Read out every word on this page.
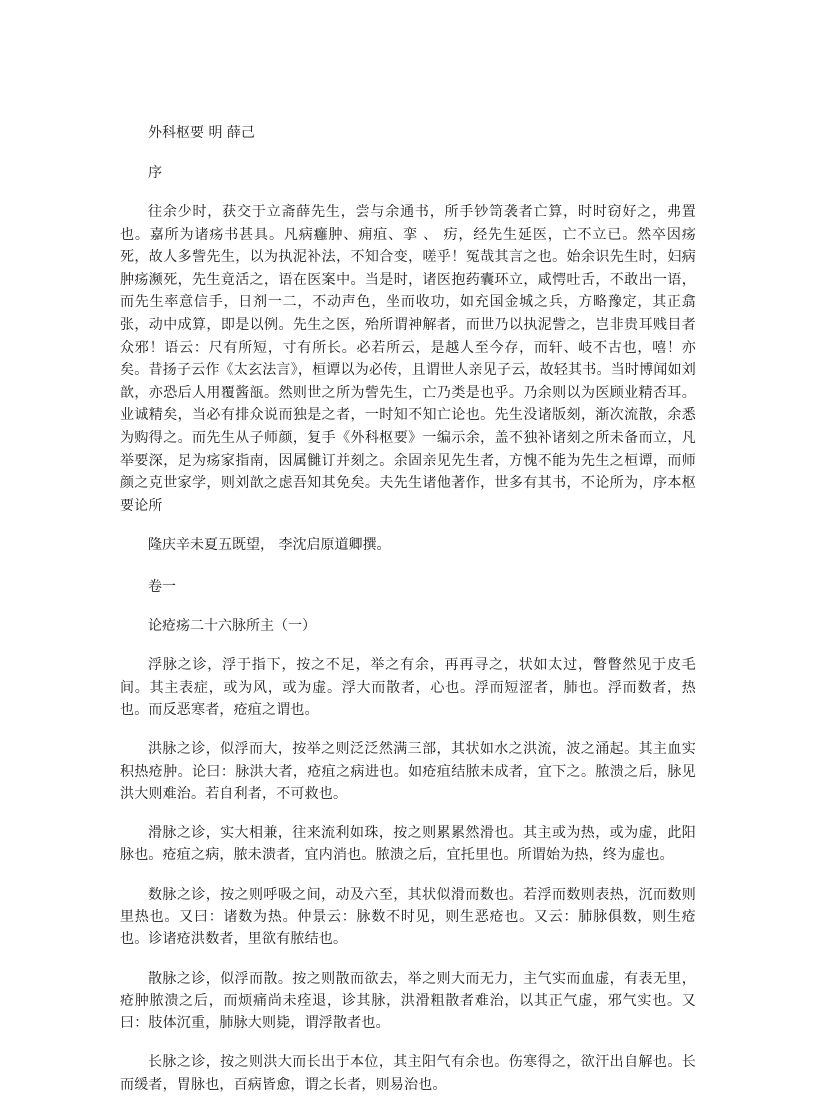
外科枢要 明 薛己

序

往余少时，获交于立斋薛先生，尝与余通书，所手钞笥袭者亡算，时时窃好之，弗置也。嘉所为诸疡书甚具。凡病癰肿、痈疽、挛 、 疠，经先生延医，亡不立已。然卒因疡死，故人多訾先生，以为执泥补法，不知合变，嗟乎！冤哉其言之也。始余识先生时，妇病肿疡濒死，先生竟活之，语在医案中。当是时，诸医抱药囊环立，咸愕吐舌，不敢出一语，而先生率意信手，日剂一二，不动声色，坐而收功，如充国金城之兵，方略豫定，其正翕张，动中成算，即是以例。先生之医，殆所谓神解者，而世乃以执泥訾之，岂非贵耳贱目者众邪！语云：尺有所短，寸有所长。必若所云，是越人至今存，而轩、岐不古也，嘻！亦 矣。昔扬子云作《太玄法言》，桓谭以为必传，且谓世人亲见子云，故轻其书。当时博闻如刘歆，亦恐后人用覆酱瓿。然则世之所为訾先生，亡乃类是也乎。乃余则以为医顾业精否耳。业诚精矣，当必有排众说而独是之者，一时知不知亡论也。先生没诸版刻，渐次流散，余悉为购得之。而先生从子师颜，复手《外科枢要》一编示余，盖不独补诸刻之所未备而立，凡举要深，足为疡家指南，因属雠订并刻之。余固亲见先生者，方愧不能为先生之桓谭，而师颜之克世家学，则刘歆之虑吾知其免矣。夫先生诸他著作，世多有其书，不论所为，序本枢要论所

隆庆辛未夏五既望， 李沈启原道卿撰。

卷一

论疮疡二十六脉所主（一）

浮脉之诊，浮于指下，按之不足，举之有余，再再寻之，状如太过，瞥瞥然见于皮毛间。其主表症，或为风，或为虚。浮大而散者，心也。浮而短涩者，肺也。浮而数者，热也。而反恶寒者，疮疽之谓也。

洪脉之诊，似浮而大，按举之则泛泛然满三部，其状如水之洪流，波之涌起。其主血实积热疮肿。论曰：脉洪大者，疮疽之病进也。如疮疽结脓未成者，宜下之。脓溃之后，脉见洪大则难治。若自利者，不可救也。

滑脉之诊，实大相兼，往来流利如珠，按之则累累然滑也。其主或为热，或为虚，此阳脉也。疮疽之病，脓未溃者，宜内消也。脓溃之后，宜托里也。所谓始为热，终为虚也。

数脉之诊，按之则呼吸之间，动及六至，其状似滑而数也。若浮而数则表热，沉而数则里热也。又曰：诸数为热。仲景云：脉数不时见，则生恶疮也。又云：肺脉俱数，则生疮也。诊诸疮洪数者，里欲有脓结也。

散脉之诊，似浮而散。按之则散而欲去，举之则大而无力，主气实而血虚，有表无里，疮肿脓溃之后，而烦痛尚未痊退，诊其脉，洪滑粗散者难治，以其正气虚，邪气实也。又曰：肢体沉重，肺脉大则毙，谓浮散者也。

长脉之诊，按之则洪大而长出于本位，其主阳气有余也。伤寒得之，欲汗出自解也。长而缓者，胃脉也，百病皆愈，谓之长者，则易治也。
